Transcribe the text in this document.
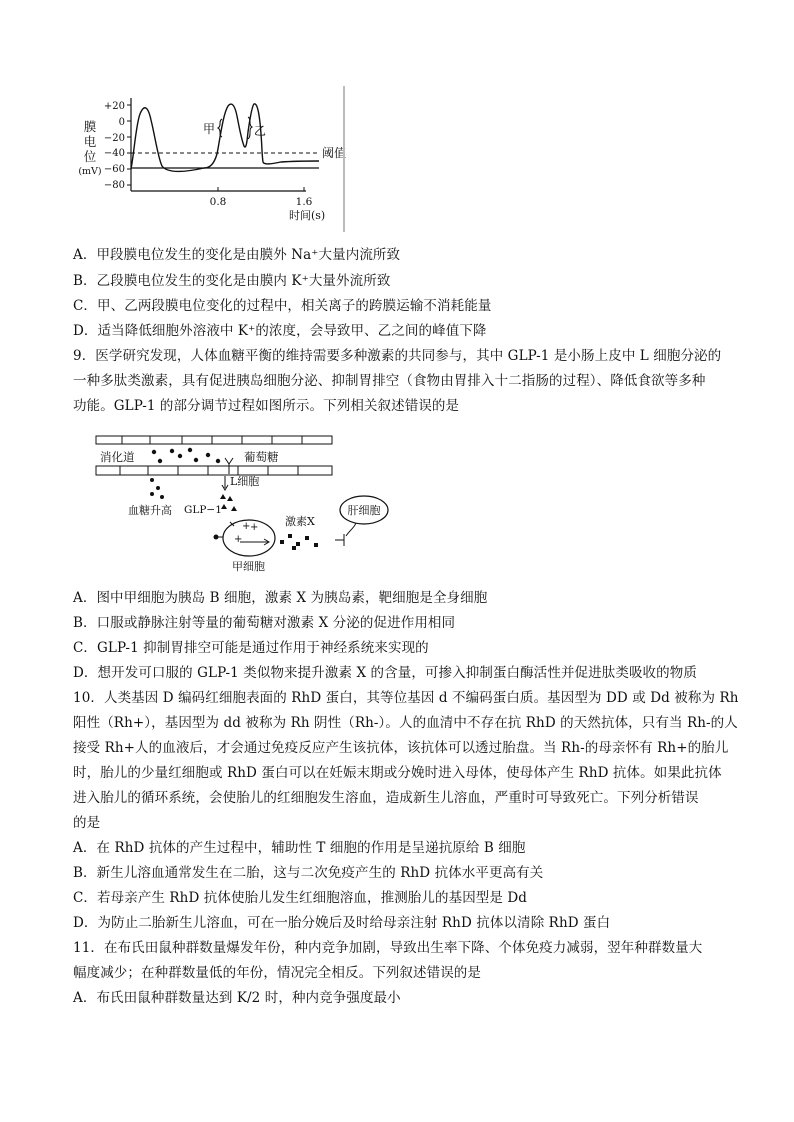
膜
电
位
(mV)
+20
0
−20
−40
−60
−80
甲	乙
阈值
0.8	1.6
时间(s)
A．甲段膜电位发生的变化是由膜外 Na⁺大量内流所致
B．乙段膜电位发生的变化是由膜内 K⁺大量外流所致
C．甲、乙两段膜电位变化的过程中，相关离子的跨膜运输不消耗能量
D．适当降低细胞外溶液中 K⁺的浓度，会导致甲、乙之间的峰值下降
9．医学研究发现，人体血糖平衡的维持需要多种激素的共同参与，其中 GLP-1 是小肠上皮中 L 细胞分泌的
一种多肽类激素，具有促进胰岛细胞分泌、抑制胃排空（食物由胃排入十二指肠的过程）、降低食欲等多种
功能。GLP-1 的部分调节过程如图所示。下列相关叙述错误的是
消化道	葡萄糖
血糖升高
L细胞
GLP−1
+ +
+
甲细胞
激素X
肝细胞
A．图中甲细胞为胰岛 B 细胞，激素 X 为胰岛素，靶细胞是全身细胞
B．口服或静脉注射等量的葡萄糖对激素 X 分泌的促进作用相同
C．GLP-1 抑制胃排空可能是通过作用于神经系统来实现的
D．想开发可口服的 GLP-1 类似物来提升激素 X 的含量，可掺入抑制蛋白酶活性并促进肽类吸收的物质
10．人类基因 D 编码红细胞表面的 RhD 蛋白，其等位基因 d 不编码蛋白质。基因型为 DD 或 Dd 被称为 Rh
阳性（Rh+），基因型为 dd 被称为 Rh 阴性（Rh-）。人的血清中不存在抗 RhD 的天然抗体，只有当 Rh-的人
接受 Rh+人的血液后，才会通过免疫反应产生该抗体，该抗体可以透过胎盘。当 Rh-的母亲怀有 Rh+的胎儿
时，胎儿的少量红细胞或 RhD 蛋白可以在妊娠末期或分娩时进入母体，使母体产生 RhD 抗体。如果此抗体
进入胎儿的循环系统，会使胎儿的红细胞发生溶血，造成新生儿溶血，严重时可导致死亡。下列分析错误
的是
A．在 RhD 抗体的产生过程中，辅助性 T 细胞的作用是呈递抗原给 B 细胞
B．新生儿溶血通常发生在二胎，这与二次免疫产生的 RhD 抗体水平更高有关
C．若母亲产生 RhD 抗体使胎儿发生红细胞溶血，推测胎儿的基因型是 Dd
D．为防止二胎新生儿溶血，可在一胎分娩后及时给母亲注射 RhD 抗体以清除 RhD 蛋白
11．在布氏田鼠种群数量爆发年份，种内竞争加剧，导致出生率下降、个体免疫力减弱，翌年种群数量大
幅度减少；在种群数量低的年份，情况完全相反。下列叙述错误的是
A．布氏田鼠种群数量达到 K/2 时，种内竞争强度最小
